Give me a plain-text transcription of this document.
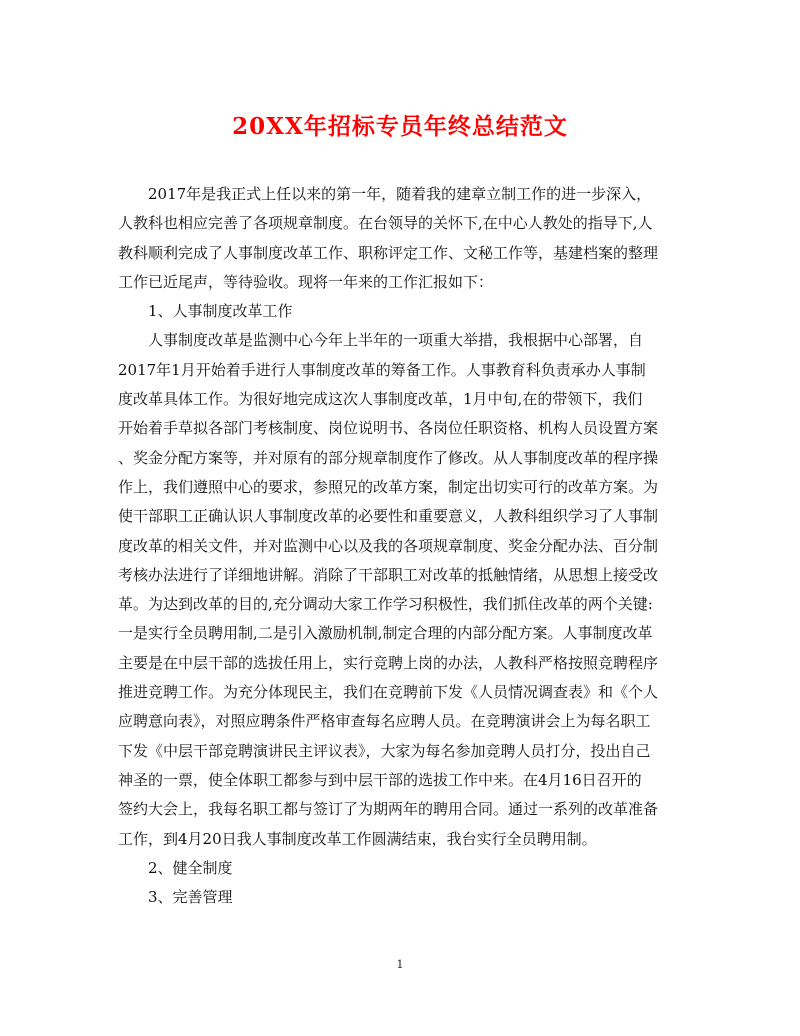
20XX年招标专员年终总结范文
2017年是我正式上任以来的第一年，随着我的建章立制工作的进一步深入，
人教科也相应完善了各项规章制度。在台领导的关怀下,在中心人教处的指导下,人
教科顺利完成了人事制度改革工作、职称评定工作、文秘工作等，基建档案的整理
工作已近尾声，等待验收。现将一年来的工作汇报如下：
1、人事制度改革工作
人事制度改革是监测中心今年上半年的一项重大举措，我根据中心部署，自
2017年1月开始着手进行人事制度改革的筹备工作。人事教育科负责承办人事制
度改革具体工作。为很好地完成这次人事制度改革，1月中旬,在的带领下，我们
开始着手草拟各部门考核制度、岗位说明书、各岗位任职资格、机构人员设置方案
、奖金分配方案等，并对原有的部分规章制度作了修改。从人事制度改革的程序操
作上，我们遵照中心的要求，参照兄的改革方案，制定出切实可行的改革方案。为
使干部职工正确认识人事制度改革的必要性和重要意义，人教科组织学习了人事制
度改革的相关文件，并对监测中心以及我的各项规章制度、奖金分配办法、百分制
考核办法进行了详细地讲解。消除了干部职工对改革的抵触情绪，从思想上接受改
革。为达到改革的目的,充分调动大家工作学习积极性，我们抓住改革的两个关键:
一是实行全员聘用制,二是引入激励机制,制定合理的内部分配方案。人事制度改革
主要是在中层干部的选拔任用上，实行竞聘上岗的办法，人教科严格按照竞聘程序
推进竞聘工作。为充分体现民主，我们在竞聘前下发《人员情况调查表》和《个人
应聘意向表》，对照应聘条件严格审查每名应聘人员。在竞聘演讲会上为每名职工
下发《中层干部竞聘演讲民主评议表》，大家为每名参加竞聘人员打分，投出自己
神圣的一票，使全体职工都参与到中层干部的选拔工作中来。在4月16日召开的
签约大会上，我每名职工都与签订了为期两年的聘用合同。通过一系列的改革准备
工作，到4月20日我人事制度改革工作圆满结束，我台实行全员聘用制。
2、健全制度
3、完善管理
1
